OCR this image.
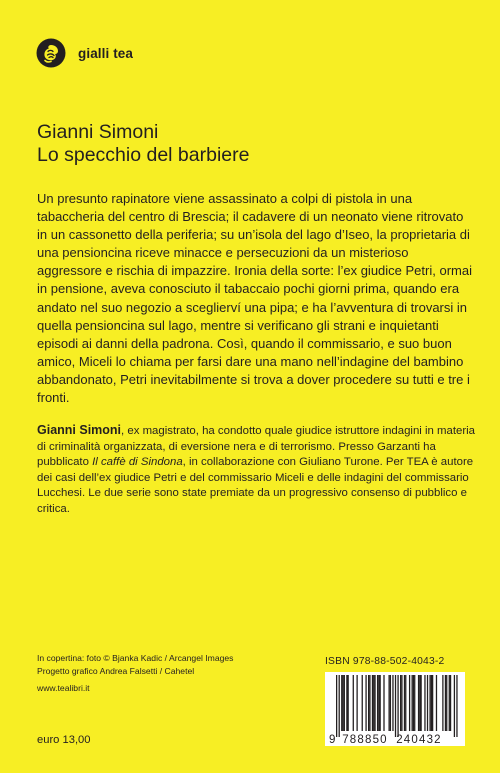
gialli tea
Gianni Simoni
Lo specchio del barbiere

Un presunto rapinatore viene assassinato a colpi di pistola in una tabaccheria del centro di Brescia; il cadavere di un neonato viene ritrovato in un cassonetto della periferia; su un’isola del lago d’Iseo, la proprietaria di una pensioncina riceve minacce e persecuzioni da un misterioso aggressore e rischia di impazzire. Ironia della sorte: l’ex giudice Petri, ormai in pensione, aveva conosciuto il tabaccaio pochi giorni prima, quando era andato nel suo negozio a sceglierví una pipa; e ha l’avventura di trovarsi in quella pensioncina sul lago, mentre si verificano gli strani e inquietanti episodi ai danni della padrona. Così, quando il commissario, e suo buon amico, Miceli lo chiama per farsi dare una mano nell’indagine del bambino abbandonato, Petri inevitabilmente si trova a dover procedere su tutti e tre i fronti.

Gianni Simoni, ex magistrato, ha condotto quale giudice istruttore indagini in materia di criminalità organizzata, di eversione nera e di terrorismo. Presso Garzanti ha pubblicato Il caffè di Sindona, in collaborazione con Giuliano Turone. Per TEA è autore dei casi dell’ex giudice Petri e del commissario Miceli e delle indagini del commissario Lucchesi. Le due serie sono state premiate da un progressivo consenso di pubblico e critica.

In copertina: foto © Bjanka Kadic / Arcangel Images
Progetto grafico Andrea Falsetti / Cahetel
www.tealibri.it
euro 13,00
ISBN 978-88-502-4043-2
9 788850 240432
